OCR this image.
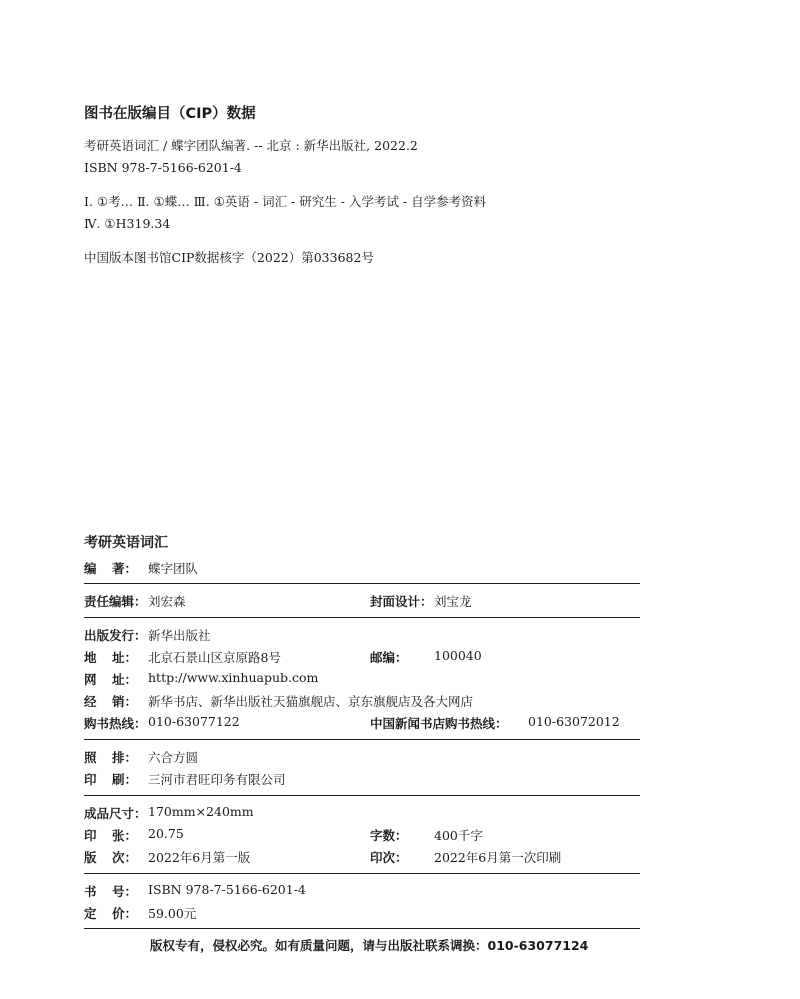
图书在版编目（CIP）数据
考研英语词汇 / 蝶字团队编著. -- 北京 : 新华出版社, 2022.2
ISBN 978-7-5166-6201-4
Ⅰ. ①考… Ⅱ. ①蝶… Ⅲ. ①英语 - 词汇 - 研究生 - 入学考试 - 自学参考资料
Ⅳ. ①H319.34
中国版本图书馆CIP数据核字（2022）第033682号
考研英语词汇
编 著： 蝶字团队
责任编辑： 刘宏森	封面设计： 刘宝龙
出版发行： 新华出版社
地 址： 北京石景山区京原路8号	邮编： 100040
网 址： http://www.xinhuapub.com
经 销： 新华书店、新华出版社天猫旗舰店、京东旗舰店及各大网店
购书热线： 010-63077122	中国新闻书店购书热线： 010-63072012
照 排： 六合方圆
印 刷： 三河市君旺印务有限公司
成品尺寸： 170mm×240mm
印 张： 20.75	字数： 400千字
版 次： 2022年6月第一版	印次： 2022年6月第一次印刷
书 号： ISBN 978-7-5166-6201-4
定 价： 59.00元
版权专有，侵权必究。如有质量问题，请与出版社联系调换：010-63077124
